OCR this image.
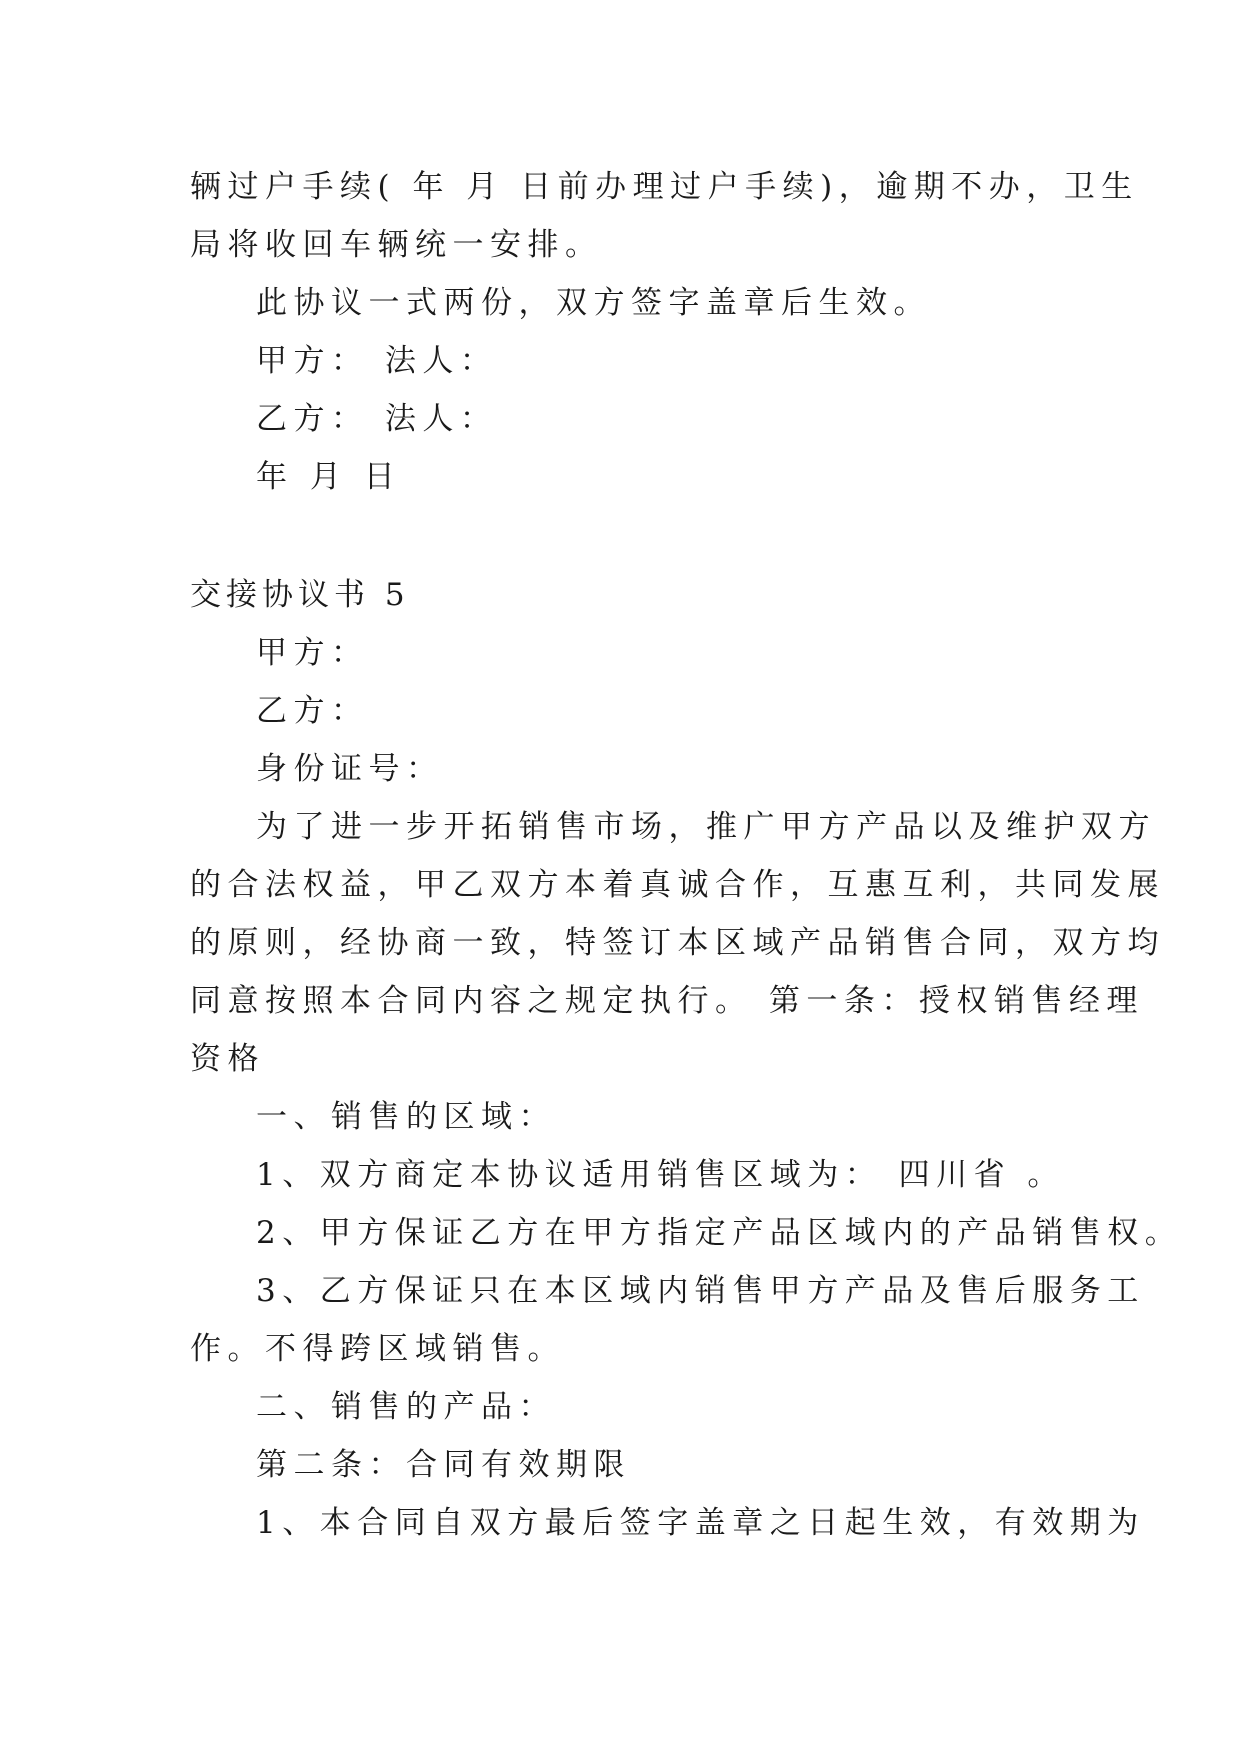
辆过户手续( 年 月 日前办理过户手续)，逾期不办，卫生
局将收回车辆统一安排。
此协议一式两份，双方签字盖章后生效。
甲方： 法人：
乙方： 法人：
年 月 日
交接协议书 5
甲方：
乙方：
身份证号：
为了进一步开拓销售市场，推广甲方产品以及维护双方
的合法权益，甲乙双方本着真诚合作，互惠互利，共同发展
的原则，经协商一致，特签订本区域产品销售合同，双方均
同意按照本合同内容之规定执行。 第一条：授权销售经理
资格
一、销售的区域：
1、双方商定本协议适用销售区域为： 四川省 。
2、甲方保证乙方在甲方指定产品区域内的产品销售权。
3、乙方保证只在本区域内销售甲方产品及售后服务工
作。不得跨区域销售。
二、销售的产品：
第二条：合同有效期限
1、本合同自双方最后签字盖章之日起生效，有效期为
